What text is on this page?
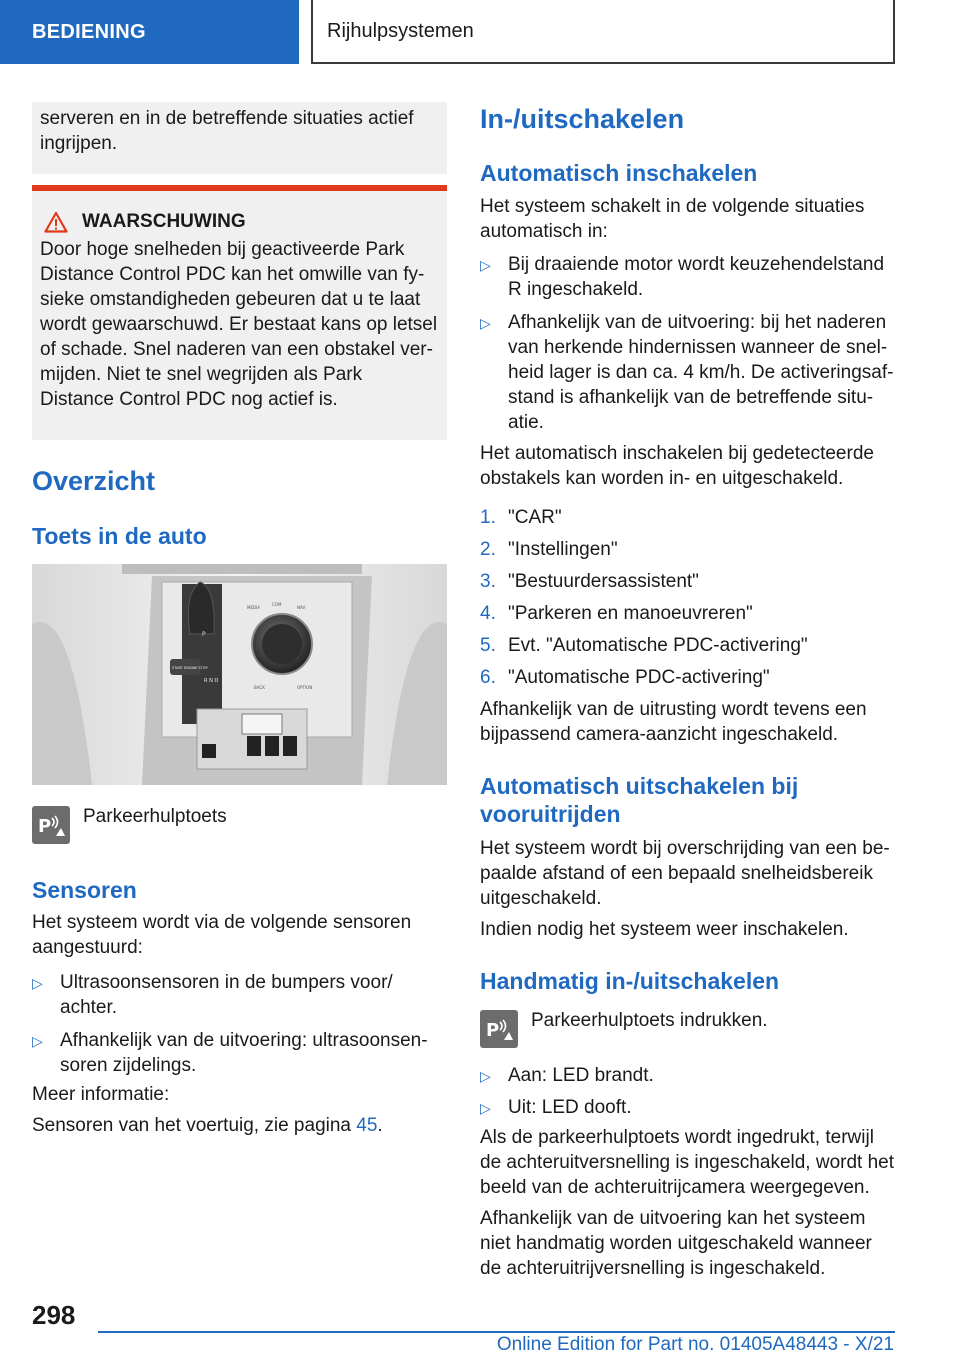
BEDIENING	Rijhulpsystemen

serveren en in de betreffende situaties actief ingrijpen.

WAARSCHUWING

Door hoge snelheden bij geactiveerde Park Distance Control PDC kan het omwille van fy-sieke omstandigheden gebeuren dat u te laat wordt gewaarschuwd. Er bestaat kans op letsel of schade. Snel naderen van een obstakel ver-mijden. Niet te snel wegrijden als Park Distance Control PDC nog actief is.

Overzicht
Toets in de auto
P
START ENGINE STOP
R N D
MEDIA
COM
NAV
BACK	OPTION
P Parkeerhulptoets

Sensoren

Het systeem wordt via de volgende sensoren aangestuurd:

▷ Ultrasoonsensoren in de bumpers voor/ achter.
▷ Afhankelijk van de uitvoering: ultrasoonsen-soren zijdelings.

Meer informatie:

Sensoren van het voertuig, zie pagina 45.

In-/uitschakelen
Automatisch inschakelen

Het systeem schakelt in de volgende situaties automatisch in:

▷ Bij draaiende motor wordt keuzehendelstand R ingeschakeld.
▷ Afhankelijk van de uitvoering: bij het naderen van herkende hindernissen wanneer de snel-heid lager is dan ca. 4 km/h. De activeringsaf-stand is afhankelijk van de betreffende situ-atie.

Het automatisch inschakelen bij gedetecteerde obstakels kan worden in- en uitgeschakeld.

1. "CAR"
2. "Instellingen"
3. "Bestuurdersassistent"
4. "Parkeren en manoeuvreren"
5. Evt. "Automatische PDC-activering"
6. "Automatische PDC-activering"

Afhankelijk van de uitrusting wordt tevens een bijpassend camera-aanzicht ingeschakeld.

Automatisch uitschakelen bij vooruitrijden

Het systeem wordt bij overschrijding van een be-paalde afstand of een bepaald snelheidsbereik uitgeschakeld.

Indien nodig het systeem weer inschakelen.

Handmatig in-/uitschakelen
P Parkeerhulptoets indrukken.

▷ Aan: LED brandt.
▷ Uit: LED dooft.

Als de parkeerhulptoets wordt ingedrukt, terwijl de achteruitversnelling is ingeschakeld, wordt het beeld van de achteruitrijcamera weergegeven.

Afhankelijk van de uitvoering kan het systeem niet handmatig worden uitgeschakeld wanneer de achteruitrijversnelling is ingeschakeld.

298
Online Edition for Part no. 01405A48443 - X/21
